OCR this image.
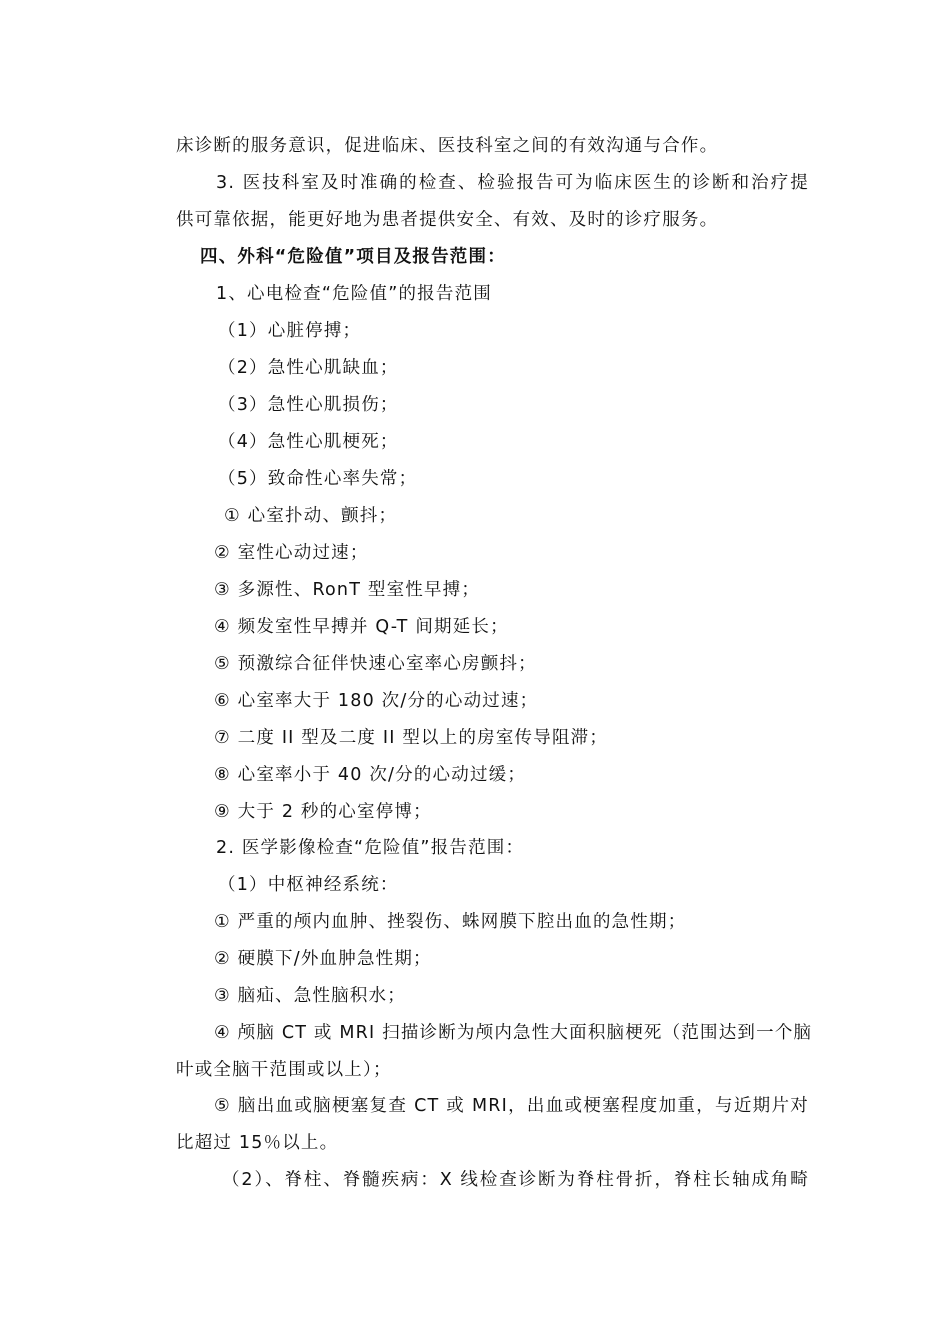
床诊断的服务意识，促进临床、医技科室之间的有效沟通与合作。
3. 医技科室及时准确的检查、检验报告可为临床医生的诊断和治疗提
供可靠依据，能更好地为患者提供安全、有效、及时的诊疗服务。
四、外科“危险值”项目及报告范围：
1、心电检查“危险值”的报告范围
（1）心脏停搏；
（2）急性心肌缺血；
（3）急性心肌损伤；
（4）急性心肌梗死；
（5）致命性心率失常；
① 心室扑动、颤抖；
② 室性心动过速；
③ 多源性、RonT 型室性早搏；
④ 频发室性早搏并 Q-T 间期延长；
⑤ 预激综合征伴快速心室率心房颤抖；
⑥ 心室率大于 180 次/分的心动过速；
⑦ 二度 II 型及二度 II 型以上的房室传导阻滞；
⑧ 心室率小于 40 次/分的心动过缓；
⑨ 大于 2 秒的心室停博；
2. 医学影像检查“危险值”报告范围：
（1）中枢神经系统：
① 严重的颅内血肿、挫裂伤、蛛网膜下腔出血的急性期；
② 硬膜下/外血肿急性期；
③ 脑疝、急性脑积水；
④ 颅脑 CT 或 MRI 扫描诊断为颅内急性大面积脑梗死（范围达到一个脑
叶或全脑干范围或以上）；
⑤ 脑出血或脑梗塞复查 CT 或 MRI，出血或梗塞程度加重，与近期片对
比超过 15％以上。
（2）、脊柱、脊髓疾病：X 线检查诊断为脊柱骨折，脊柱长轴成角畸
